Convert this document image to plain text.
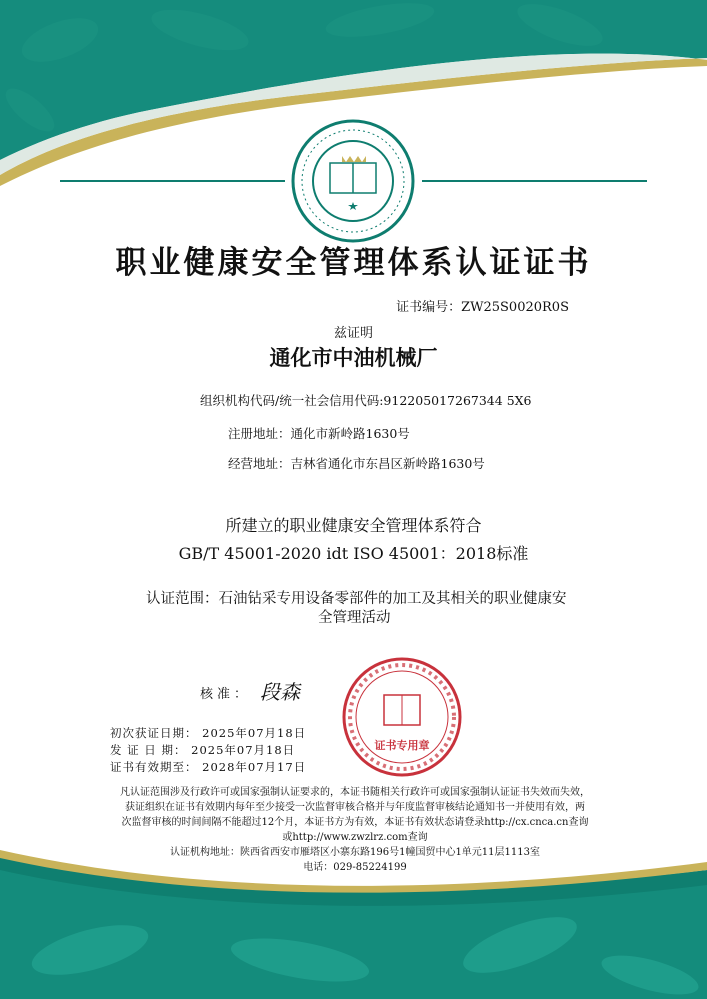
职业健康安全管理体系认证证书
证书编号：ZW25S0020R0S
兹证明
通化市中油机械厂
组织机构代码/统一社会信用代码:912205017267344 5X6
注册地址：通化市新岭路1630号
经营地址：吉林省通化市东昌区新岭路1630号
所建立的职业健康安全管理体系符合
GB/T 45001-2020 idt ISO 45001：2018标准
认证范围：石油钻采专用设备零部件的加工及其相关的职业健康安
全管理活动
核准： 段森
证书专用章
初次获证日期： 2025年07月18日
发 证 日 期： 2025年07月18日
证书有效期至： 2028年07月17日
凡认证范围涉及行政许可或国家强制认证要求的，本证书随相关行政许可或国家强制认证证书失效而失效，
获证组织在证书有效期内每年至少接受一次监督审核合格并与年度监督审核结论通知书一并使用有效，两
次监督审核的时间间隔不能超过12个月，本证书方为有效，本证书有效状态请登录http://cx.cnca.cn查询
或http://www.zwzlrz.com查询
认证机构地址：陕西省西安市雁塔区小寨东路196号1幢国贸中心1单元11层1113室
电话：029-85224199
